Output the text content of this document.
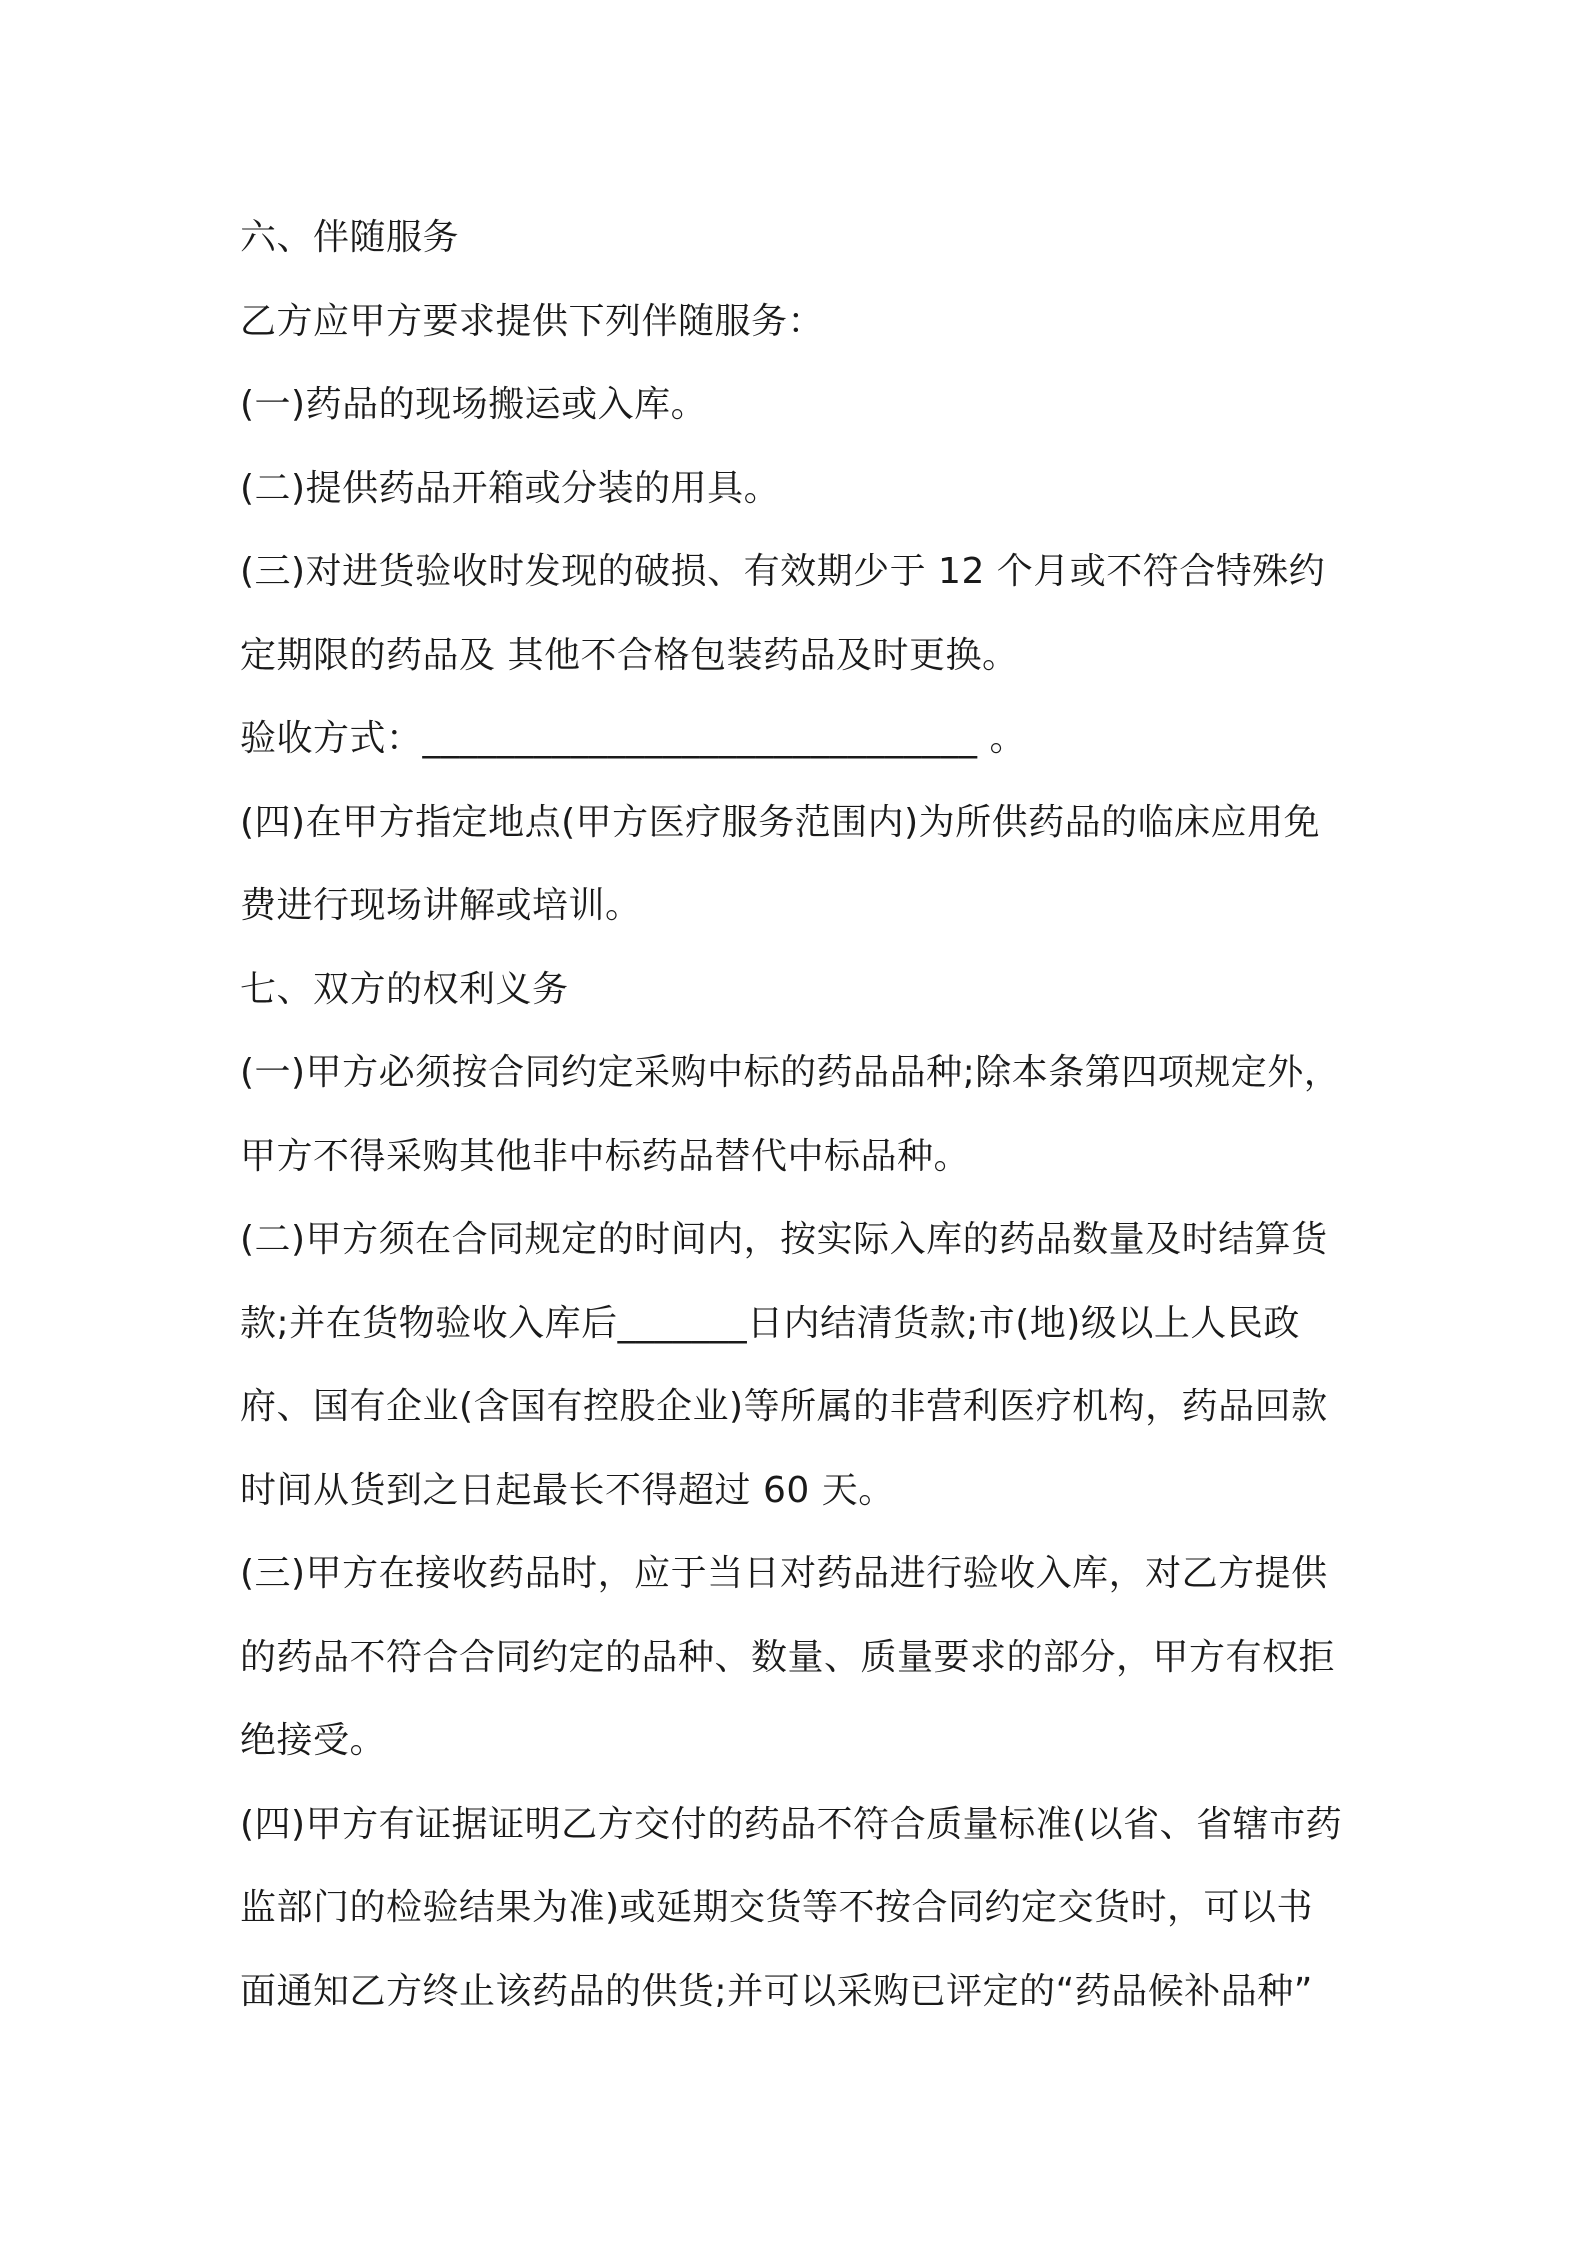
六、伴随服务
乙方应甲方要求提供下列伴随服务：
(一)药品的现场搬运或入库。
(二)提供药品开箱或分装的用具。
(三)对进货验收时发现的破损、有效期少于 12 个月或不符合特殊约
定期限的药品及 其他不合格包装药品及时更换。
验收方式：______________________________ 。
(四)在甲方指定地点(甲方医疗服务范围内)为所供药品的临床应用免
费进行现场讲解或培训。
七、双方的权利义务
(一)甲方必须按合同约定采购中标的药品品种;除本条第四项规定外，
甲方不得采购其他非中标药品替代中标品种。
(二)甲方须在合同规定的时间内，按实际入库的药品数量及时结算货
款;并在货物验收入库后_______日内结清货款;市(地)级以上人民政
府、国有企业(含国有控股企业)等所属的非营利医疗机构，药品回款
时间从货到之日起最长不得超过 60 天。
(三)甲方在接收药品时，应于当日对药品进行验收入库，对乙方提供
的药品不符合合同约定的品种、数量、质量要求的部分，甲方有权拒
绝接受。
(四)甲方有证据证明乙方交付的药品不符合质量标准(以省、省辖市药
监部门的检验结果为准)或延期交货等不按合同约定交货时，可以书
面通知乙方终止该药品的供货;并可以采购已评定的“药品候补品种”
